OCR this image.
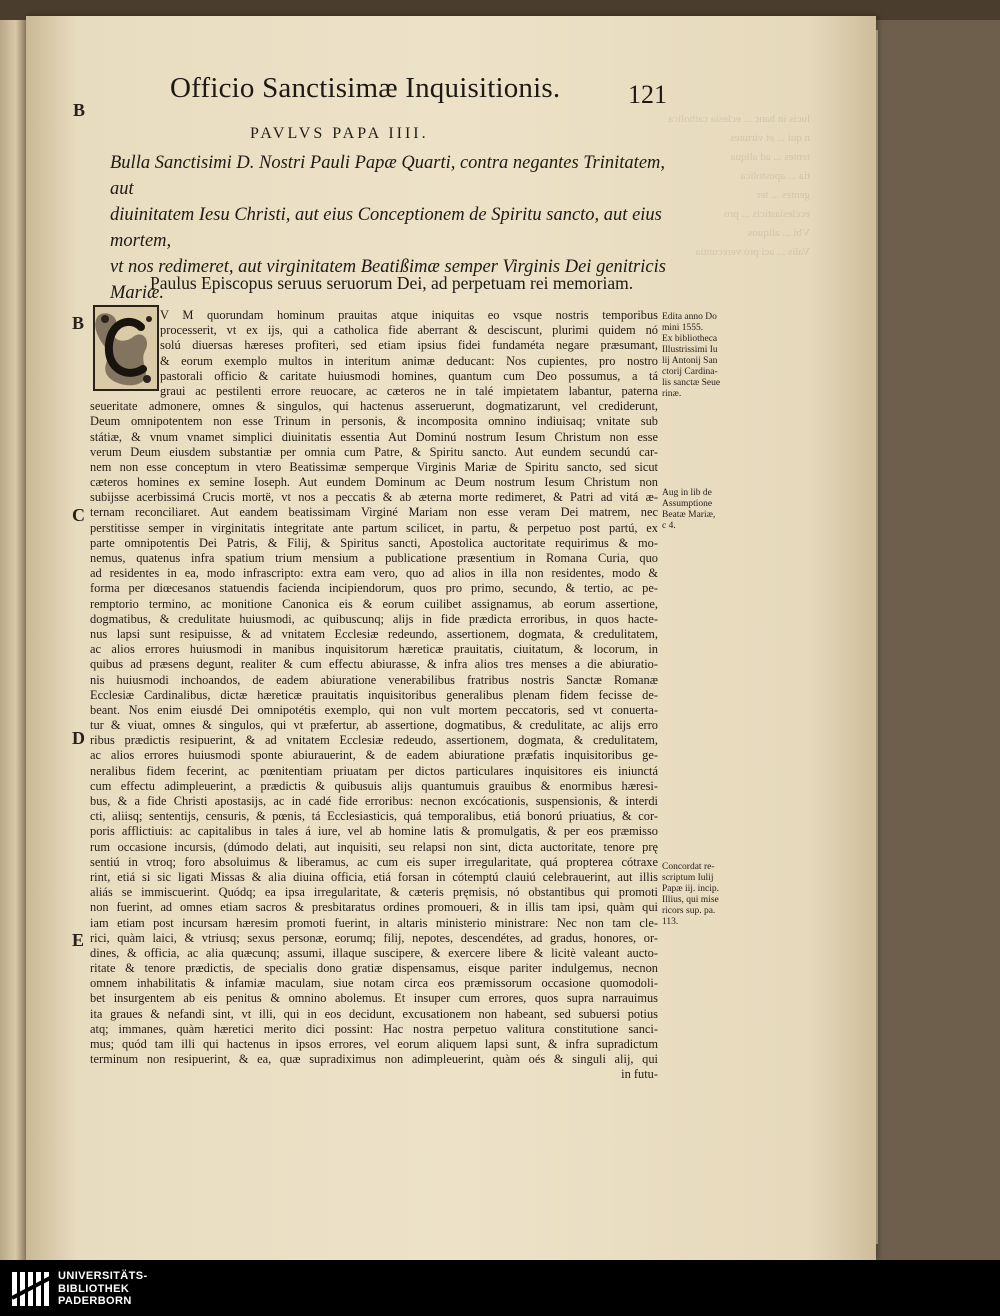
lucis in hanc ... eclesia catholica
n qui ... et virtutes
tentes ... ad aliqua
tia ... apostolica
gentes ... ter
ecclesiasticis ... pro
Vbi ... aliquos
Valis ... aci pro verecuntia
Officio Sanctisimæ Inquisitionis.	121
B
B
C
D
E
PAVLVS PAPA IIII.
Bulla Sanctisimi D. Nostri Pauli Papæ Quarti, contra negantes Trinitatem, aut
diuinitatem Iesu Christi, aut eius Conceptionem de Spiritu sancto, aut eius mortem,
vt nos redimeret, aut virginitatem Beatißimæ semper Virginis Dei genitricis
Mariæ.
Paulus Episcopus seruus seruorum Dei, ad perpetuam rei memoriam.
V M quorundam hominum prauitas atque iniquitas eo vsque nostris temporibus
processerit, vt ex ijs, qui a catholica fide aberrant & desciscunt, plurimi quidem nó
solú diuersas hæreses profiteri, sed etiam ipsius fidei fundaméta negare præsumant,
& eorum exemplo multos in interitum animæ deducant: Nos cupientes, pro nostro
pastorali officio & caritate huiusmodi homines, quantum cum Deo possumus, a tá
graui ac pestilenti errore reuocare, ac cæteros ne in talé impietatem labantur, paterna
seueritate admonere, omnes & singulos, qui hactenus asseruerunt, dogmatizarunt, vel crediderunt,
Deum omnipotentem non esse Trinum in personis, & incomposita omnino indiuisaq; vnitate sub
státiæ, & vnum vnamet simplici diuinitatis essentia Aut Dominú nostrum Iesum Christum non esse
verum Deum eiusdem substantiæ per omnia cum Patre, & Spiritu sancto. Aut eundem secundú car-
nem non esse conceptum in vtero Beatissimæ semperque Virginis Mariæ de Spiritu sancto, sed sicut
cæteros homines ex semine Ioseph. Aut eundem Dominum ac Deum nostrum Iesum Christum non
subijsse acerbissimá Crucis mortë, vt nos a peccatis & ab æterna morte redimeret, & Patri ad vitá æ-
ternam reconciliaret. Aut eandem beatissimam Virginé Mariam non esse veram Dei matrem, nec
perstitisse semper in virginitatis integritate ante partum scilicet, in partu, & perpetuo post partú, ex
parte omnipotentis Dei Patris, & Filij, & Spiritus sancti, Apostolica auctoritate requirimus & mo-
nemus, quatenus infra spatium trium mensium a publicatione præsentium in Romana Curia, quo
ad residentes in ea, modo infrascripto: extra eam vero, quo ad alios in illa non residentes, modo &
forma per diœcesanos statuendis facienda incipiendorum, quos pro primo, secundo, & tertio, ac pe-
remptorio termino, ac monitione Canonica eis & eorum cuilibet assignamus, ab eorum assertione,
dogmatibus, & credulitate huiusmodi, ac quibuscunq; alijs in fide prædicta erroribus, in quos hacte-
nus lapsi sunt resipuisse, & ad vnitatem Ecclesiæ redeundo, assertionem, dogmata, & credulitatem,
ac alios errores huiusmodi in manibus inquisitorum hæreticæ prauitatis, ciuitatum, & locorum, in
quibus ad præsens degunt, realiter & cum effectu abiurasse, & infra alios tres menses a die abiuratio-
nis huiusmodi inchoandos, de eadem abiuratione venerabilibus fratribus nostris Sanctæ Romanæ
Ecclesiæ Cardinalibus, dictæ hæreticæ prauitatis inquisitoribus generalibus plenam fidem fecisse de-
beant. Nos enim eiusdé Dei omnipotétis exemplo, qui non vult mortem peccatoris, sed vt conuerta-
tur & viuat, omnes & singulos, qui vt præfertur, ab assertione, dogmatibus, & credulitate, ac alijs erro
ribus prædictis resipuerint, & ad vnitatem Ecclesiæ redeudo, assertionem, dogmata, & credulitatem,
ac alios errores huiusmodi sponte abiurauerint, & de eadem abiuratione præfatis inquisitoribus ge-
neralibus fidem fecerint, ac pœnitentiam priuatam per dictos particulares inquisitores eis iniunctá
cum effectu adimpleuerint, a prædictis & quibusuis alijs quantumuis grauibus & enormibus hæresi-
bus, & a fide Christi apostasijs, ac in cadé fide erroribus: necnon excócationis, suspensionis, & interdi
cti, aliisq; sententijs, censuris, & pœnis, tá Ecclesiasticis, quá temporalibus, etiá bonorú priuatius, & cor-
poris afflictiuis: ac capitalibus in tales á iure, vel ab homine latis & promulgatis, & per eos præmisso
rum occasione incursis, (dúmodo delati, aut inquisiti, seu relapsi non sint, dicta auctoritate, tenore prę
sentiú in vtroq; foro absoluimus & liberamus, ac cum eis super irregularitate, quá propterea cótraxe
rint, etiá si sic ligati Missas & alia diuina officia, etiá forsan in cótemptú clauiú celebrauerint, aut illis
aliás se immiscuerint. Quódq; ea ipsa irregularitate, & cæteris pręmisis, nó obstantibus qui promoti
non fuerint, ad omnes etiam sacros & presbitaratus ordines promoueri, & in illis tam ipsi, quàm qui
iam etiam post incursam hæresim promoti fuerint, in altaris ministerio ministrare: Nec non tam cle-
rici, quàm laici, & vtriusq; sexus personæ, eorumq; filij, nepotes, descendétes, ad gradus, honores, or-
dines, & officia, ac alia quæcunq; assumi, illaque suscipere, & exercere libere & licitè valeant aucto-
ritate & tenore prædictis, de specialis dono gratiæ dispensamus, eisque pariter indulgemus, necnon
omnem inhabilitatis & infamiæ maculam, siue notam circa eos præmissorum occasione quomodoli-
bet insurgentem ab eis penitus & omnino abolemus. Et insuper cum errores, quos supra narrauimus
ita graues & nefandi sint, vt illi, qui in eos decidunt, excusationem non habeant, sed subuersi potius
atq; immanes, quàm hæretici merito dici possint: Hac nostra perpetuo valitura constitutione sanci-
mus; quód tam illi qui hactenus in ipsos errores, vel eorum aliquem lapsi sunt, & infra supradictum
terminum non resipuerint, & ea, quæ supradiximus non adimpleuerint, quàm oés & singuli alij, qui
in futu-
Edita anno Do
mini 1555.
Ex bibliotheca
Illustrissimi Iu
lij Antonij San
ctorij Cardina-
lis sanctæ Seue
rinæ.
Aug in lib de
Assumptione
Beatæ Mariæ,
c 4.
Concordat re-
scriptum Iulij
Papæ iij. incip.
Illius, qui mise
ricors sup. pa.
113.
UNIVERSITÄTS-
BIBLIOTHEK
PADERBORN
